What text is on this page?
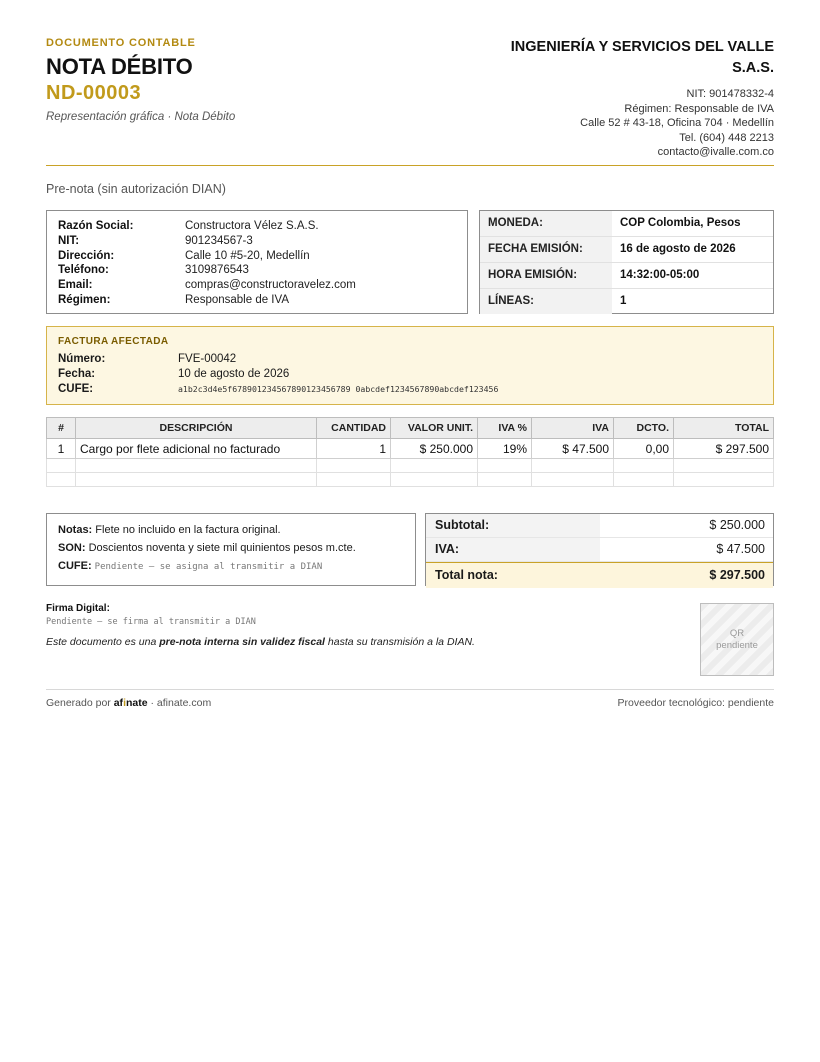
DOCUMENTO CONTABLE
NOTA DÉBITO
ND-00003
Representación gráfica · Nota Débito
INGENIERÍA Y SERVICIOS DEL VALLE S.A.S.
NIT: 901478332-4
Régimen: Responsable de IVA
Calle 52 # 43-18, Oficina 704 · Medellín
Tel. (604) 448 2213
contacto@ivalle.com.co
Pre-nota (sin autorización DIAN)
Razón Social:	Constructora Vélez S.A.S.
NIT:	901234567-3
Dirección:	Calle 10 #5-20, Medellín
Teléfono:	3109876543
Email:	compras@constructoravelez.com
Régimen:	Responsable de IVA
MONEDA:	COP Colombia, Pesos
FECHA EMISIÓN:	16 de agosto de 2026
HORA EMISIÓN:	14:32:00-05:00
LÍNEAS:	1
FACTURA AFECTADA
Número:	FVE-00042
Fecha:	10 de agosto de 2026
CUFE:	a1b2c3d4e5f678901234567890123456789 0abcdef1234567890abcdef123456
#	DESCRIPCIÓN	CANTIDAD	VALOR UNIT.	IVA %	IVA	DCTO.	TOTAL
1	Cargo por flete adicional no facturado	1	$ 250.000	19%	$ 47.500	0,00	$ 297.500

Notas: Flete no incluido en la factura original.
SON: Doscientos noventa y siete mil quinientos pesos m.cte.
CUFE: Pendiente — se asigna al transmitir a DIAN
Subtotal:	$ 250.000
IVA:	$ 47.500
Total nota:	$ 297.500
Firma Digital:
Pendiente — se firma al transmitir a DIAN
Este documento es una pre-nota interna sin validez fiscal hasta su transmisión a la DIAN.
QR
pendiente
Generado por afinate · afinate.com	Proveedor tecnológico: pendiente
